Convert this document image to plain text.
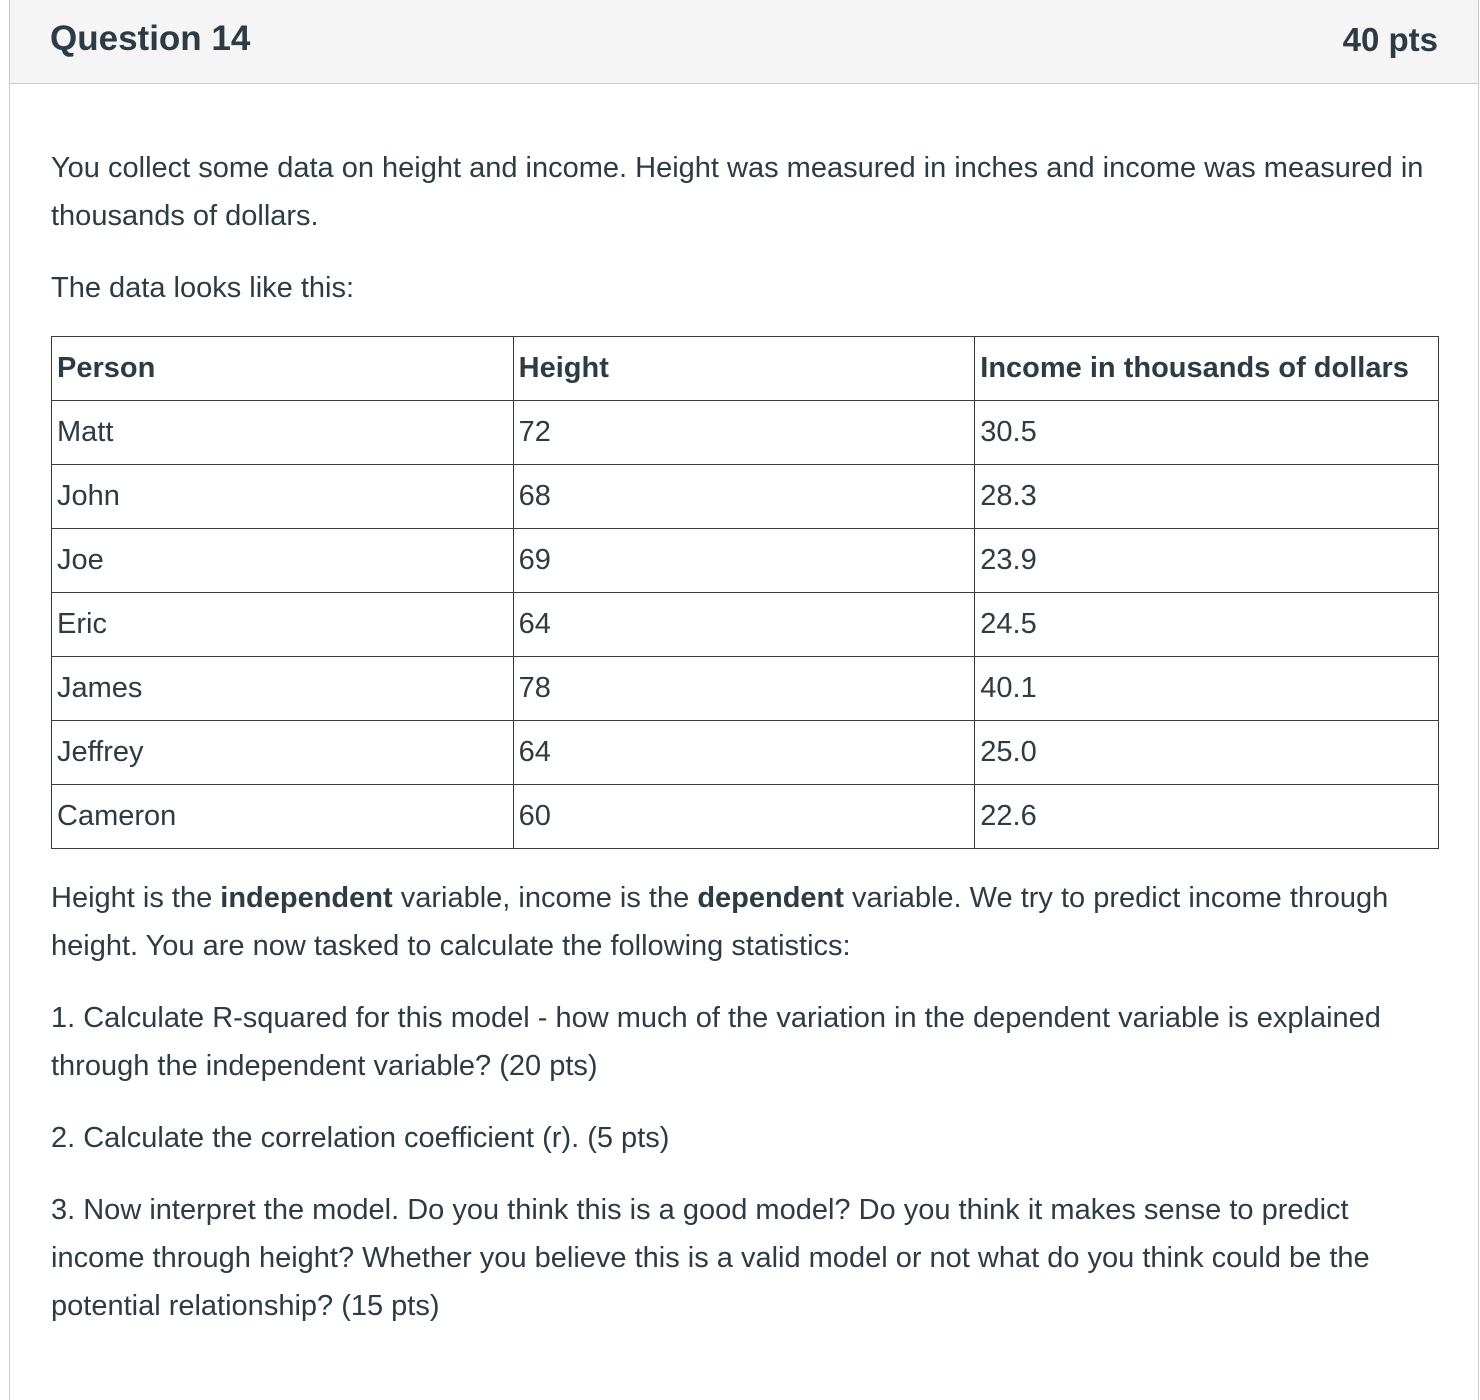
Question 14	40 pts

You collect some data on height and income. Height was measured in inches and income was measured in thousands of dollars.

The data looks like this:

Person	Height	Income in thousands of dollars
Matt	72	30.5
John	68	28.3
Joe	69	23.9
Eric	64	24.5
James	78	40.1
Jeffrey	64	25.0
Cameron	60	22.6

Height is the independent variable, income is the dependent variable. We try to predict income through height. You are now tasked to calculate the following statistics:

1. Calculate R-squared for this model - how much of the variation in the dependent variable is explained through the independent variable? (20 pts)

2. Calculate the correlation coefficient (r). (5 pts)

3. Now interpret the model. Do you think this is a good model? Do you think it makes sense to predict income through height? Whether you believe this is a valid model or not what do you think could be the potential relationship? (15 pts)
